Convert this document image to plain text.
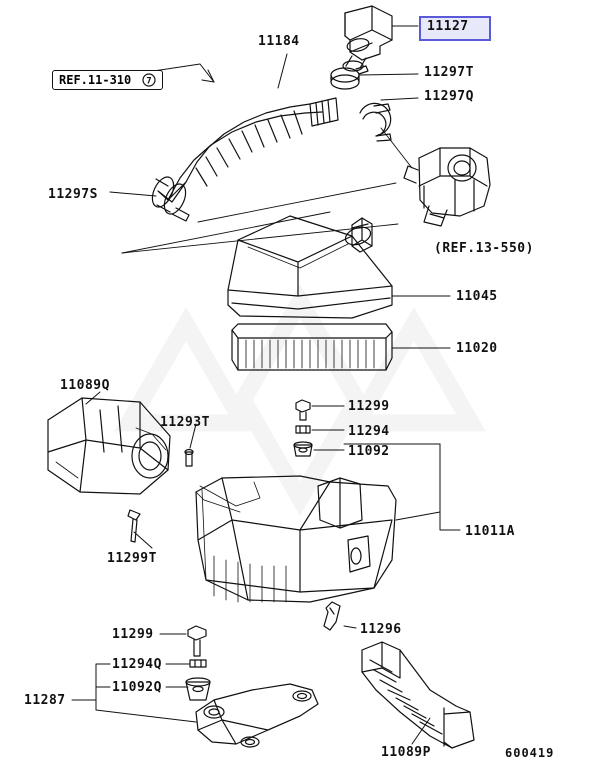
11127
REF.11-310 7
11184
11297T
11297Q
11297S
(REF.13-550)
11045
11020
11089Q
11293T
11299
11294
11092
11011A
11299T
11296
11299
11294Q
11092Q
11287
11089P	600419
